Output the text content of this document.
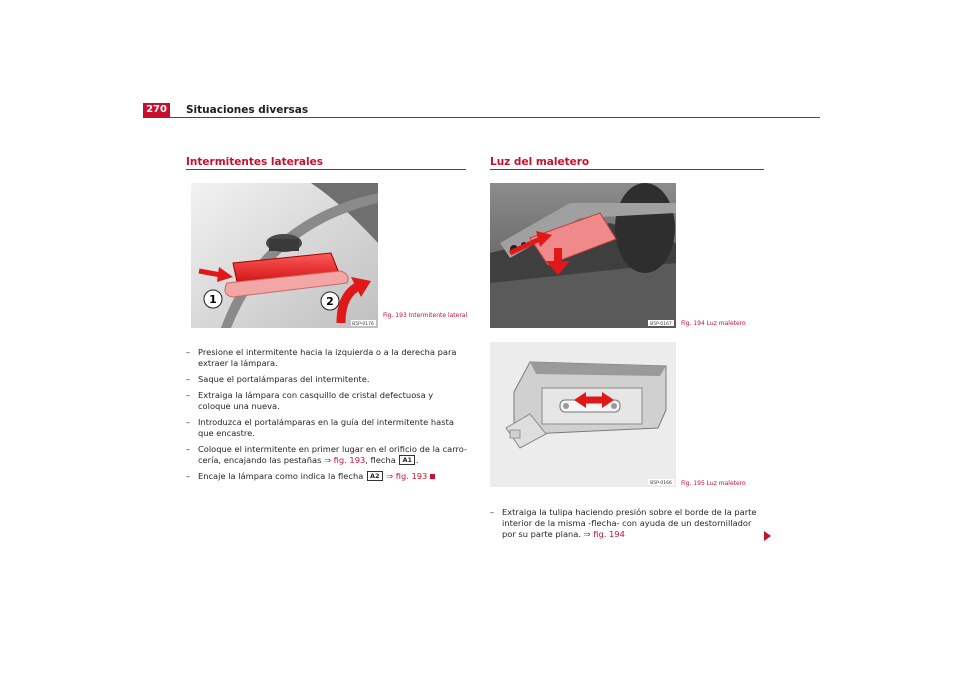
270 Situaciones diversas
Intermitentes laterales
1	2
B5P-0176
Fig. 193 Intermitente lateral
– Presione el intermitente hacia la izquierda o a la derecha para extraer la lámpara.
– Saque el portalámparas del intermitente.
– Extraiga la lámpara con casquillo de cristal defectuosa y coloque una nueva.
– Introduzca el portalámparas en la guía del intermitente hasta que encastre.
– Coloque el intermitente en primer lugar en el orificio de la carro-cería, encajando las pestañas ⇒ fig. 193, flecha A1 .
– Encaje la lámpara como indica la flecha A2 ⇒ fig. 193
Luz del maletero
B5P-0167 Fig. 194 Luz maletero
B5P-0166 Fig. 195 Luz maletero
– Extraiga la tulipa haciendo presión sobre el borde de la parte interior de la misma -flecha- con ayuda de un destornillador por su parte plana. ⇒ fig. 194
